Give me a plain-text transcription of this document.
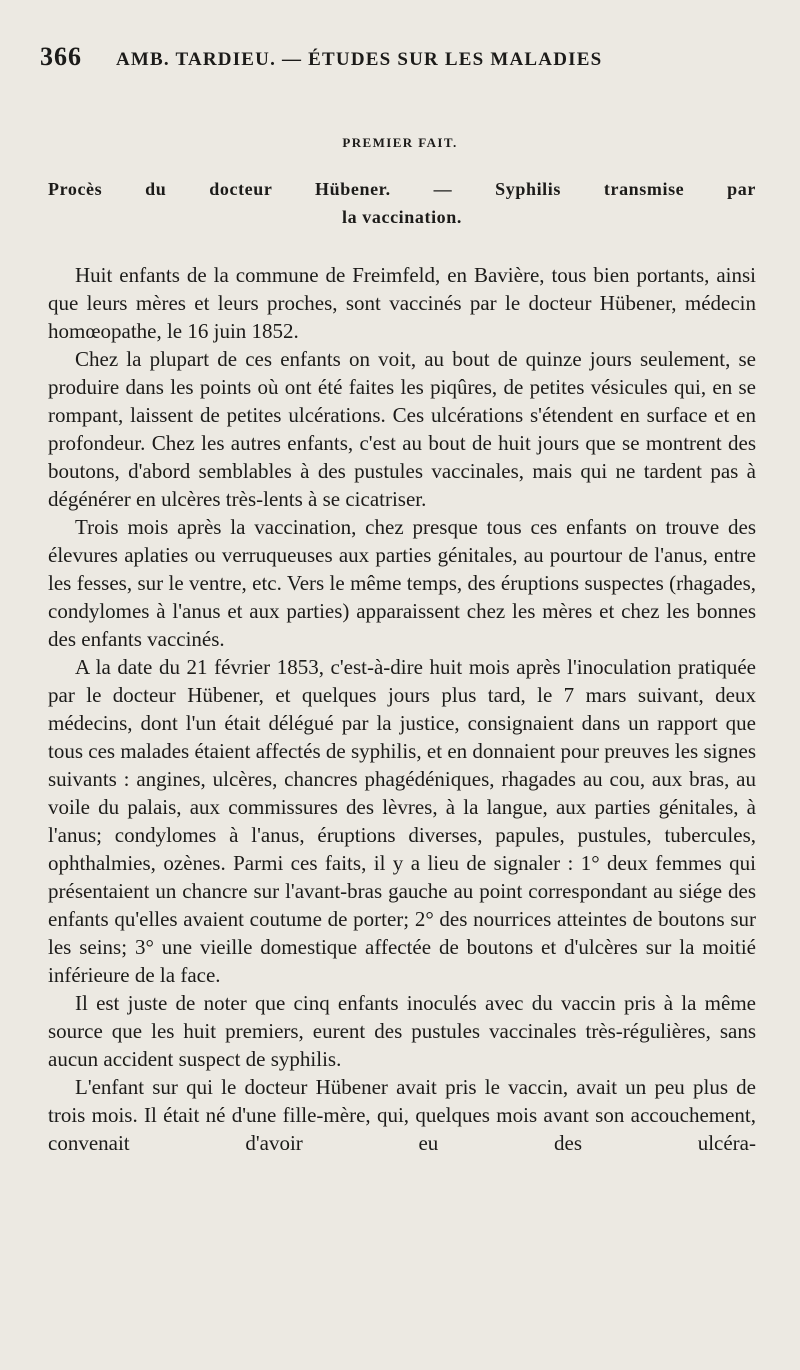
366 AMB. TARDIEU. — ÉTUDES SUR LES MALADIES
PREMIER FAIT.
Procès du docteur Hübener. — Syphilis transmise par
la vaccination.

Huit enfants de la commune de Freimfeld, en Bavière, tous bien portants, ainsi que leurs mères et leurs proches, sont vaccinés par le docteur Hübener, médecin homœopathe, le 16 juin 1852.

Chez la plupart de ces enfants on voit, au bout de quinze jours seulement, se produire dans les points où ont été faites les piqûres, de petites vésicules qui, en se rompant, laissent de petites ulcérations. Ces ulcérations s'étendent en surface et en profondeur. Chez les autres enfants, c'est au bout de huit jours que se montrent des boutons, d'abord semblables à des pustules vaccinales, mais qui ne tardent pas à dégénérer en ulcères très-lents à se cicatriser.

Trois mois après la vaccination, chez presque tous ces enfants on trouve des élevures aplaties ou verruqueuses aux parties génitales, au pourtour de l'anus, entre les fesses, sur le ventre, etc. Vers le même temps, des éruptions suspectes (rhagades, condylomes à l'anus et aux parties) apparaissent chez les mères et chez les bonnes des enfants vaccinés.

A la date du 21 février 1853, c'est-à-dire huit mois après l'inoculation pratiquée par le docteur Hübener, et quelques jours plus tard, le 7 mars suivant, deux médecins, dont l'un était délégué par la justice, consignaient dans un rapport que tous ces malades étaient affectés de syphilis, et en donnaient pour preuves les signes suivants : angines, ulcères, chancres phagédéniques, rhagades au cou, aux bras, au voile du palais, aux commissures des lèvres, à la langue, aux parties génitales, à l'anus; condylomes à l'anus, éruptions diverses, papules, pustules, tubercules, ophthalmies, ozènes. Parmi ces faits, il y a lieu de signaler : 1° deux femmes qui présentaient un chancre sur l'avant-bras gauche au point correspondant au siége des enfants qu'elles avaient coutume de porter; 2° des nourrices atteintes de boutons sur les seins; 3° une vieille domestique affectée de boutons et d'ulcères sur la moitié inférieure de la face.

Il est juste de noter que cinq enfants inoculés avec du vaccin pris à la même source que les huit premiers, eurent des pustules vaccinales très-régulières, sans aucun accident suspect de syphilis.

L'enfant sur qui le docteur Hübener avait pris le vaccin, avait un peu plus de trois mois. Il était né d'une fille-mère, qui, quelques mois avant son accouchement, convenait d'avoir eu des ulcéra-
